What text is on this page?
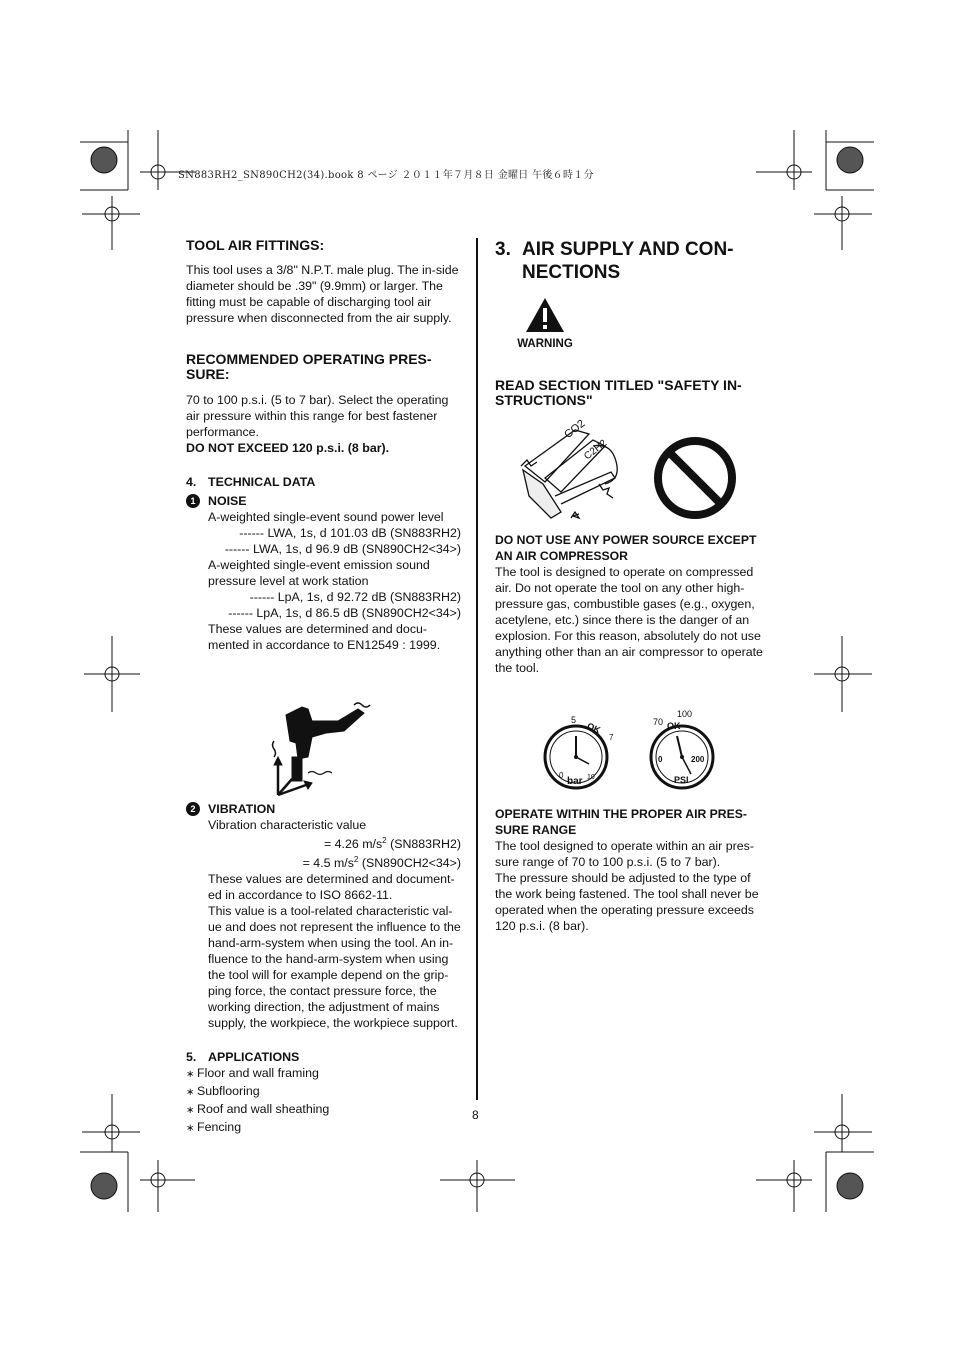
SN883RH2_SN890CH2(34).book 8 ページ ２０１１年７月８日 金曜日 午後６時１分
TOOL AIR FITTINGS:

This tool uses a 3/8" N.P.T. male plug. The in-side diameter should be .39" (9.9mm) or larger. The fitting must be capable of discharging tool air pressure when disconnected from the air supply.

RECOMMENDED OPERATING PRES-SURE:

70 to 100 p.s.i. (5 to 7 bar). Select the operating air pressure within this range for best fastener performance.

DO NOT EXCEED 120 p.s.i. (8 bar).

4. TECHNICAL DATA
1	NOISE

A-weighted single-event sound power level

------ LWA, 1s, d 101.03 dB (SN883RH2)

------ LWA, 1s, d 96.9 dB (SN890CH2<34>)

A-weighted single-event emission sound pressure level at work station

------ LpA, 1s, d 92.72 dB (SN883RH2)

------ LpA, 1s, d 86.5 dB (SN890CH2<34>)

These values are determined and docu-mented in accordance to EN12549 : 1999.

2	VIBRATION

Vibration characteristic value

= 4.26 $m/s^2$ (SN883RH2)

= 4.5 $m/s^2$ (SN890CH2<34>)

These values are determined and document-ed in accordance to ISO 8662-11.

This value is a tool-related characteristic val-ue and does not represent the influence to the hand-arm-system when using the tool. An in-fluence to the hand-arm-system when using the tool will for example depend on the grip-ping force, the contact pressure force, the working direction, the adjustment of mains supply, the workpiece, the workpiece support.

5. APPLICATIONS
∗ Floor and wall framing
∗ Subflooring
∗ Roof and wall sheathing
∗ Fencing
8
3. AIR SUPPLY AND CON-
NECTIONS
WARNING
READ SECTION TITLED "SAFETY IN-STRUCTIONS"
CO2
C2H2
DO NOT USE ANY POWER SOURCE EXCEPT AN AIR COMPRESSOR

The tool is designed to operate on compressed air. Do not operate the tool on any other high-pressure gas, combustible gases (e.g., oxygen, acetylene, etc.) since there is the danger of an explosion. For this reason, absolutely do not use anything other than an air compressor to operate the tool.

5
OK
7
0	10
bar
70
100
OK
0	200
PSI
OPERATE WITHIN THE PROPER AIR PRES-SURE RANGE

The tool designed to operate within an air pres-sure range of 70 to 100 p.s.i. (5 to 7 bar).

The pressure should be adjusted to the type of the work being fastened. The tool shall never be operated when the operating pressure exceeds 120 p.s.i. (8 bar).
